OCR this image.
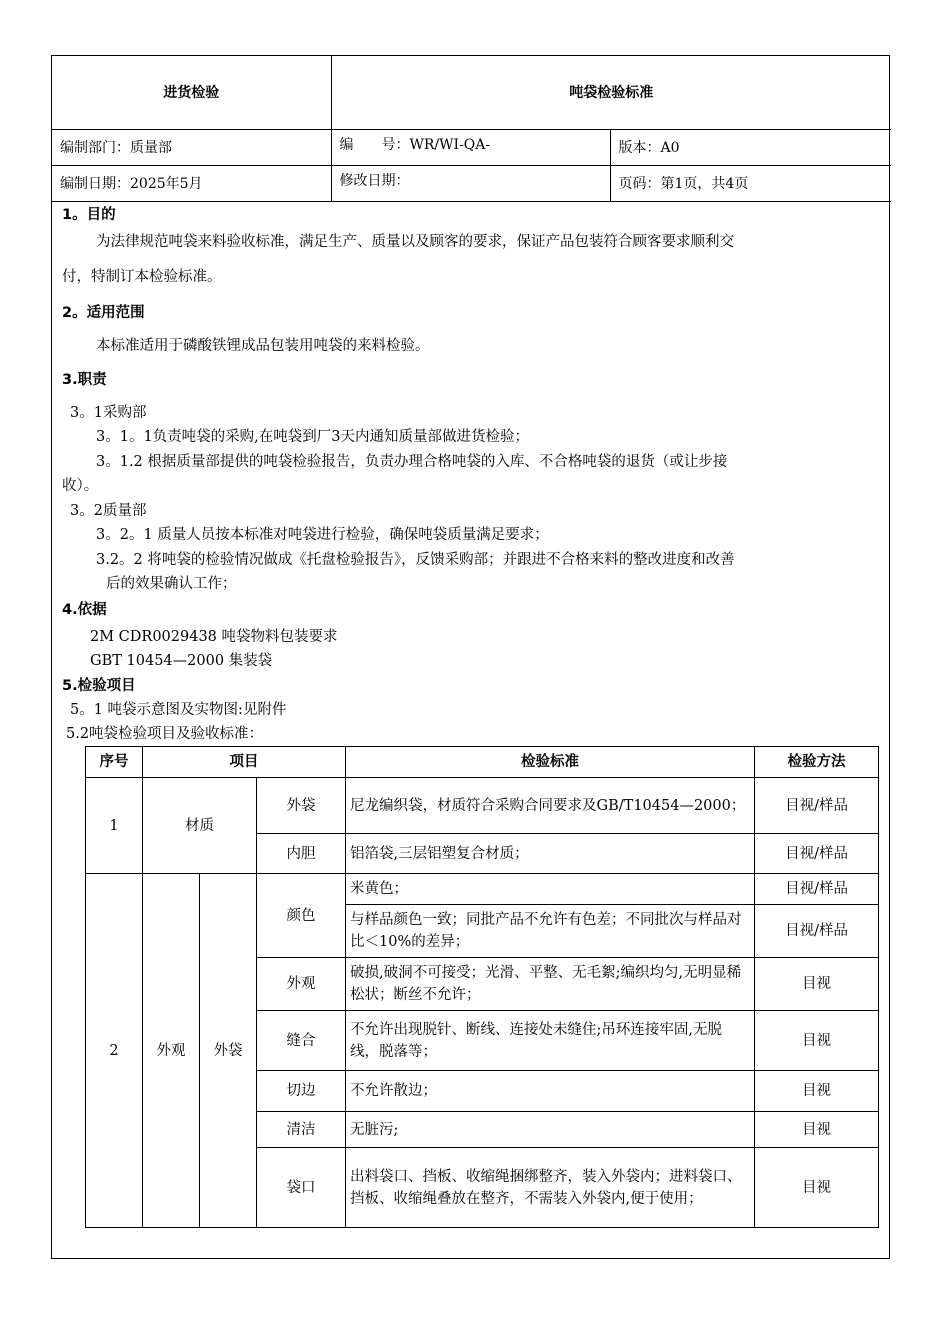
进货检验	吨袋检验标准	
编制部门：质量部	编　　号：WR/WI-QA-	版本：A0
编制日期：2025年5月	修改日期：	页码：第1页，共4页
1。目的
为法律规范吨袋来料验收标准，满足生产、质量以及顾客的要求，保证产品包装符合顾客要求顺利交
付，特制订本检验标准。
2。适用范围
本标准适用于磷酸铁锂成品包装用吨袋的来料检验。
3.职责
3。1采购部
3。1。1负责吨袋的采购,在吨袋到厂3天内通知质量部做进货检验；
3。1.2 根据质量部提供的吨袋检验报告，负责办理合格吨袋的入库、不合格吨袋的退货（或让步接
收）。
3。2质量部
3。2。1 质量人员按本标准对吨袋进行检验，确保吨袋质量满足要求；
3.2。2 将吨袋的检验情况做成《托盘检验报告》，反馈采购部；并跟进不合格来料的整改进度和改善
后的效果确认工作；
4.依据
2M CDR0029438 吨袋物料包装要求
GBT 10454—2000 集装袋
5.检验项目
5。1 吨袋示意图及实物图:见附件
5.2吨袋检验项目及验收标准：
序号	项目			检验标准	检验方法
1	材质		外袋	尼龙编织袋，材质符合采购合同要求及GB/T10454—2000；	目视/样品
			内胆	铝箔袋,三层铝塑复合材质；	目视/样品
2	外观	外袋	颜色	米黄色；	目视/样品
				与样品颜色一致；同批产品不允许有色差；不同批次与样品对比＜10%的差异；	目视/样品
			外观	破损,破洞不可接受；光滑、平整、无毛絮;编织均匀,无明显稀松状；断丝不允许；	目视
			缝合	不允许出现脱针、断线、连接处未缝住;吊环连接牢固,无脱线，脱落等；	目视
			切边	不允许散边；	目视
			清洁	无脏污;	目视
			袋口	出料袋口、挡板、收缩绳捆绑整齐，装入外袋内；进料袋口、挡板、收缩绳叠放在整齐，不需装入外袋内,便于使用；	目视
